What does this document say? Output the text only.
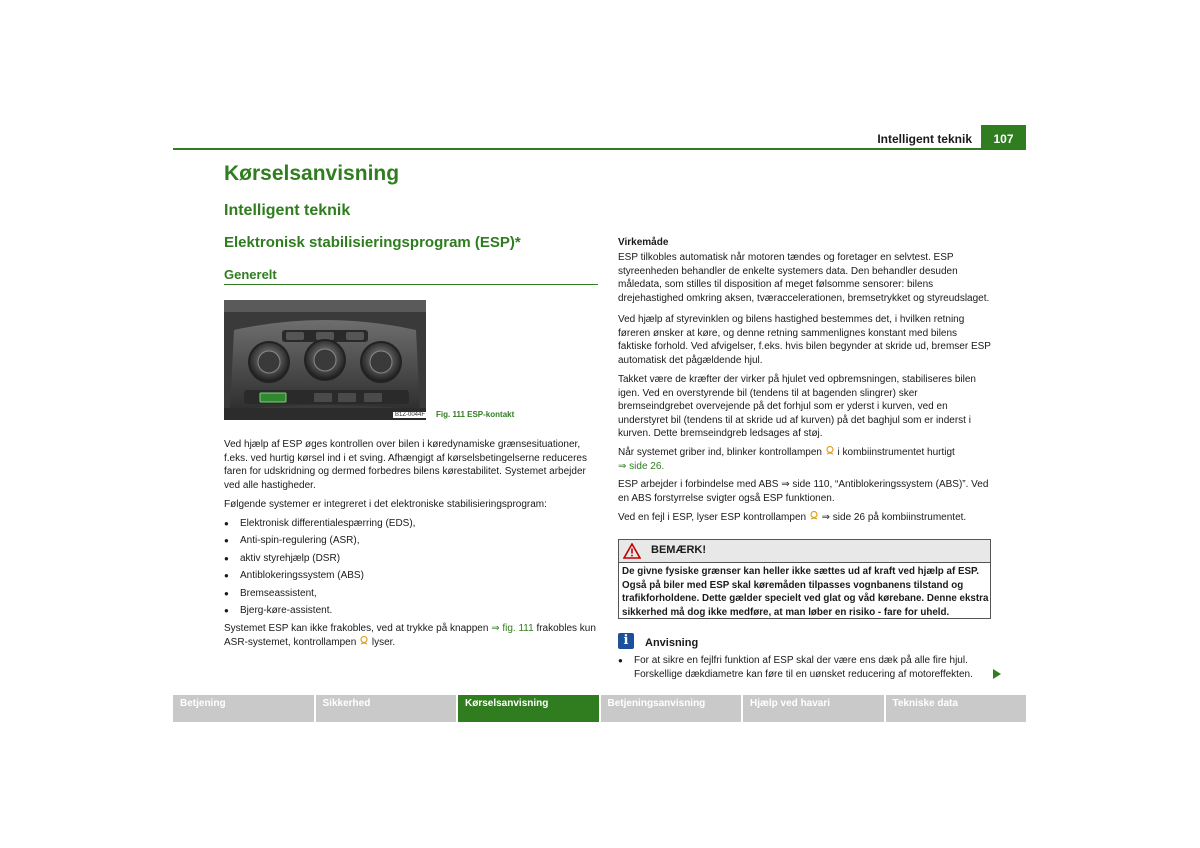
Intelligent teknik	107
Kørselsanvisning
Intelligent teknik
Elektronisk stabilisieringsprogram (ESP)*
Generelt
B1Z-0044F Fig. 111 ESP-kontakt
Ved hjælp af ESP øges kontrollen over bilen i køredynamiske grænsesituationer, f.eks. ved hurtig kørsel ind i et sving. Afhængigt af kørselsbetingelserne reduceres faren for udskridning og dermed forbedres bilens kørestabilitet. Systemet arbejder ved alle hastigheder.
Følgende systemer er integreret i det elektroniske stabilisieringsprogram:
● Elektronisk differentialespærring (EDS),
● Anti-spin-regulering (ASR),
● aktiv styrehjælp (DSR)
● Antiblokeringssystem (ABS)
● Bremseassistent,
● Bjerg-køre-assistent.
Systemet ESP kan ikke frakobles, ved at trykke på knappen ⇒ fig. 111 frakobles kun ASR-systemet, kontrollampen  lyser.
Virkemåde
ESP tilkobles automatisk når motoren tændes og foretager en selvtest. ESP styreenheden behandler de enkelte systemers data. Den behandler desuden måledata, som stilles til disposition af meget følsomme sensorer: bilens drejehastighed omkring aksen, tværaccelerationen, bremsetrykket og styreudslaget.
Ved hjælp af styrevinklen og bilens hastighed bestemmes det, i hvilken retning føreren ønsker at køre, og denne retning sammenlignes konstant med bilens faktiske forhold. Ved afvigelser, f.eks. hvis bilen begynder at skride ud, bremser ESP automatisk det pågældende hjul.
Takket være de kræfter der virker på hjulet ved opbremsningen, stabiliseres bilen igen. Ved en overstyrende bil (tendens til at bagenden slingrer) sker bremseindgrebet overvejende på det forhjul som er yderst i kurven, ved en understyret bil (tendens til at skride ud af kurven) på det baghjul som er inderst i kurven. Dette bremseindgreb ledsages af støj.
Når systemet griber ind, blinker kontrollampen  i kombiinstrumentet hurtigt
⇒ side 26.
ESP arbejder i forbindelse med ABS ⇒ side 110, “Antiblokeringssystem (ABS)”. Ved en ABS forstyrrelse svigter også ESP funktionen.
Ved en fejl i ESP, lyser ESP kontrollampen  ⇒ side 26 på kombiinstrumentet.
BEMÆRK!
De givne fysiske grænser kan heller ikke sættes ud af kraft ved hjælp af ESP. Også på biler med ESP skal køremåden tilpasses vognbanens tilstand og trafikforholdene. Dette gælder specielt ved glat og våd kørebane. Denne ekstra sikkerhed må dog ikke medføre, at man løber en risiko - fare for uheld.
i	Anvisning
● For at sikre en fejlfri funktion af ESP skal der være ens dæk på alle fire hjul. Forskellige dækdiametre kan føre til en uønsket reducering af motoreffekten.
Betjening	Sikkerhed	Kørselsanvisning	Betjeningsanvisning	Hjælp ved havari	Tekniske data
